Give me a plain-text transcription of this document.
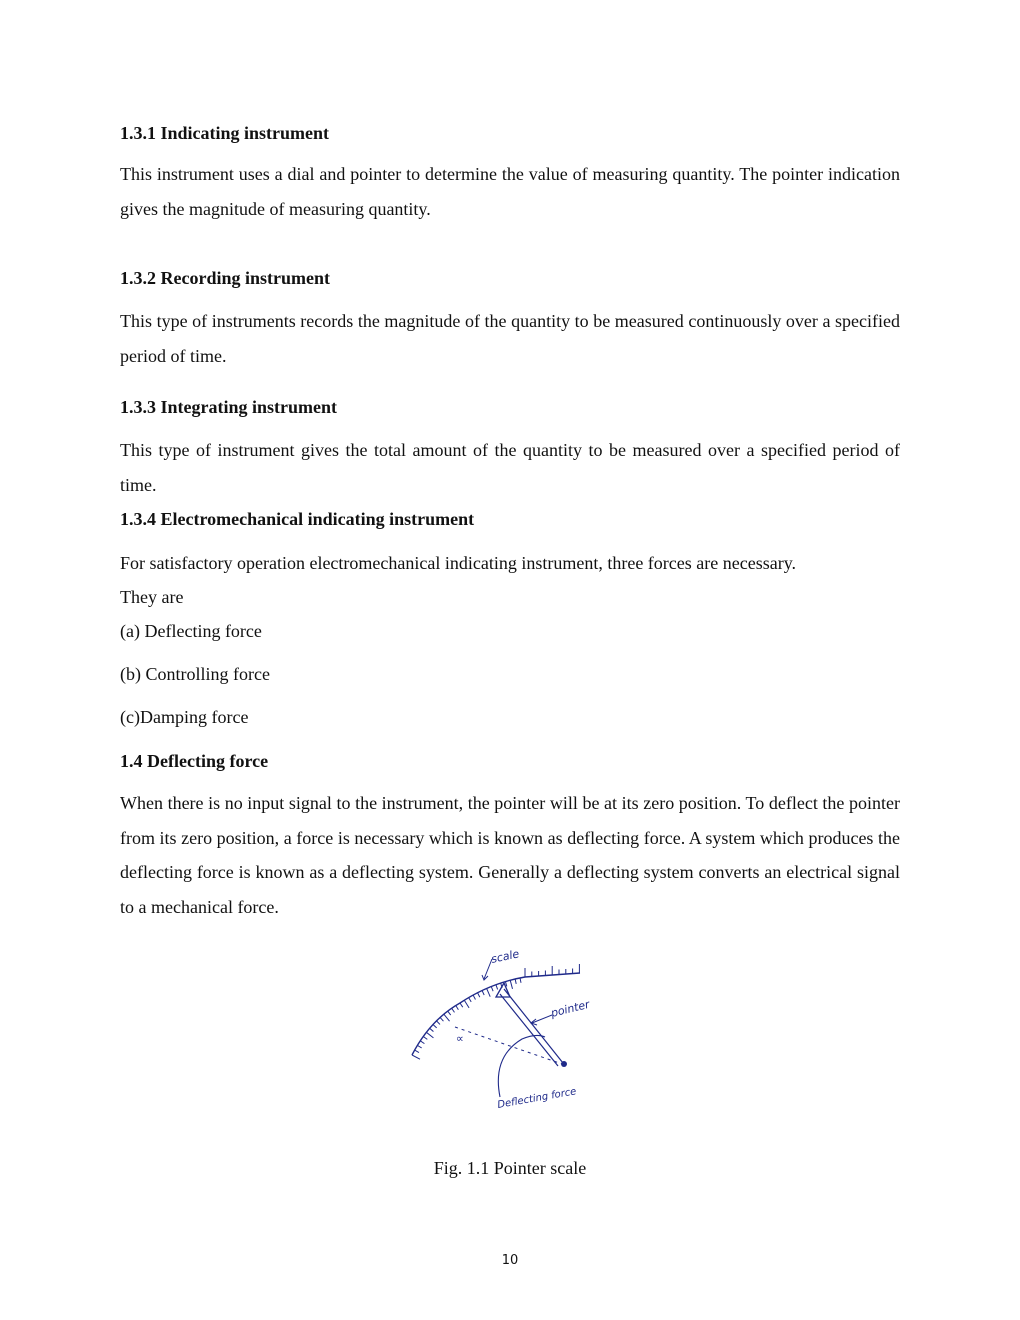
1.3.1 Indicating instrument
This instrument uses a dial and pointer to determine the value of measuring quantity. The pointer indication gives the magnitude of measuring quantity.
1.3.2 Recording instrument
This type of instruments records the magnitude of the quantity to be measured continuously over a specified period of time.
1.3.3 Integrating instrument
This type of instrument gives the total amount of the quantity to be measured over a specified period of time.
1.3.4 Electromechanical indicating instrument
For satisfactory operation electromechanical indicating instrument, three forces are necessary.
They are
(a) Deflecting force
(b) Controlling force
(c)Damping force
1.4 Deflecting force
When there is no input signal to the instrument, the pointer will be at its zero position. To deflect the pointer from its zero position, a force is necessary which is known as deflecting force. A system which produces the deflecting force is known as a deflecting system. Generally a deflecting system converts an electrical signal to a mechanical force.
∝
scale
pointer
Deflecting force
Fig. 1.1 Pointer scale
10
